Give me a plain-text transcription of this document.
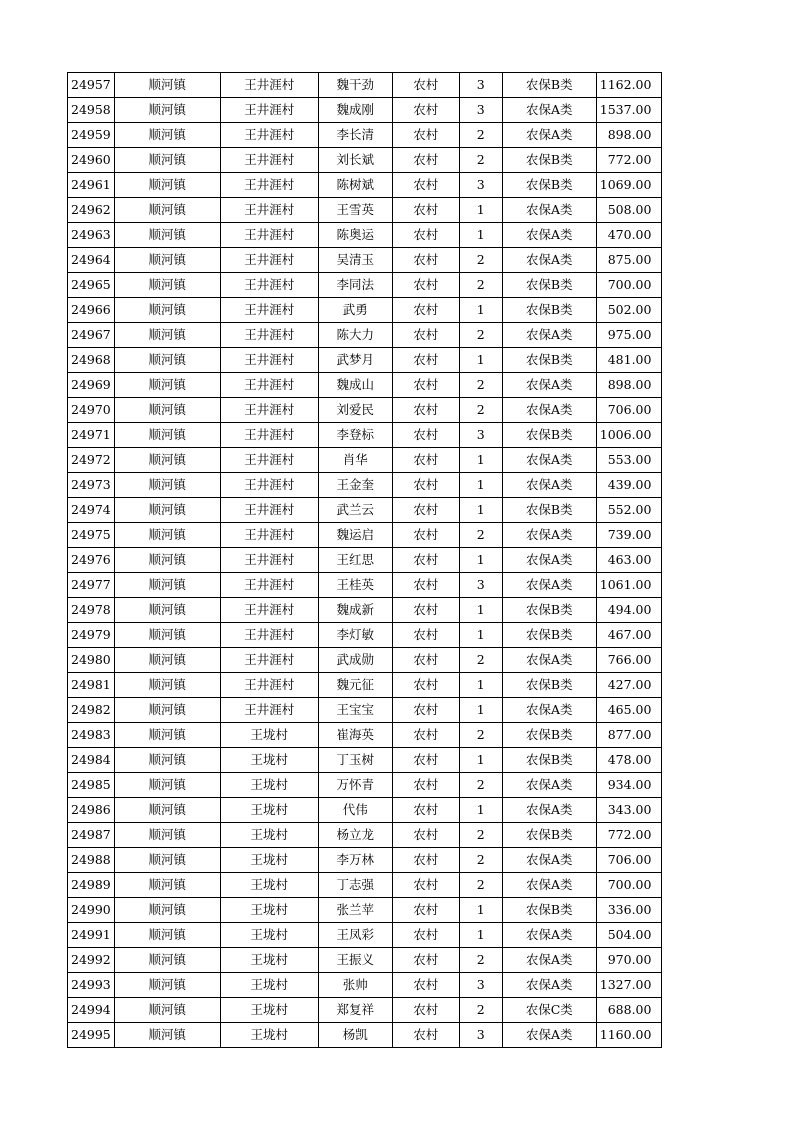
24957	顺河镇	王井涯村	魏干劲	农村	3	农保B类	1162.00
24958	顺河镇	王井涯村	魏成刚	农村	3	农保A类	1537.00
24959	顺河镇	王井涯村	李长清	农村	2	农保A类	898.00
24960	顺河镇	王井涯村	刘长斌	农村	2	农保B类	772.00
24961	顺河镇	王井涯村	陈树斌	农村	3	农保B类	1069.00
24962	顺河镇	王井涯村	王雪英	农村	1	农保A类	508.00
24963	顺河镇	王井涯村	陈奥运	农村	1	农保A类	470.00
24964	顺河镇	王井涯村	吴清玉	农村	2	农保A类	875.00
24965	顺河镇	王井涯村	李同法	农村	2	农保B类	700.00
24966	顺河镇	王井涯村	武勇	农村	1	农保B类	502.00
24967	顺河镇	王井涯村	陈大力	农村	2	农保A类	975.00
24968	顺河镇	王井涯村	武梦月	农村	1	农保B类	481.00
24969	顺河镇	王井涯村	魏成山	农村	2	农保A类	898.00
24970	顺河镇	王井涯村	刘爱民	农村	2	农保A类	706.00
24971	顺河镇	王井涯村	李登标	农村	3	农保B类	1006.00
24972	顺河镇	王井涯村	肖华	农村	1	农保A类	553.00
24973	顺河镇	王井涯村	王金奎	农村	1	农保A类	439.00
24974	顺河镇	王井涯村	武兰云	农村	1	农保B类	552.00
24975	顺河镇	王井涯村	魏运启	农村	2	农保A类	739.00
24976	顺河镇	王井涯村	王红思	农村	1	农保A类	463.00
24977	顺河镇	王井涯村	王桂英	农村	3	农保A类	1061.00
24978	顺河镇	王井涯村	魏成新	农村	1	农保B类	494.00
24979	顺河镇	王井涯村	李灯敏	农村	1	农保B类	467.00
24980	顺河镇	王井涯村	武成勋	农村	2	农保A类	766.00
24981	顺河镇	王井涯村	魏元征	农村	1	农保B类	427.00
24982	顺河镇	王井涯村	王宝宝	农村	1	农保A类	465.00
24983	顺河镇	王垅村	崔海英	农村	2	农保B类	877.00
24984	顺河镇	王垅村	丁玉树	农村	1	农保B类	478.00
24985	顺河镇	王垅村	万怀青	农村	2	农保A类	934.00
24986	顺河镇	王垅村	代伟	农村	1	农保A类	343.00
24987	顺河镇	王垅村	杨立龙	农村	2	农保B类	772.00
24988	顺河镇	王垅村	李万林	农村	2	农保A类	706.00
24989	顺河镇	王垅村	丁志强	农村	2	农保A类	700.00
24990	顺河镇	王垅村	张兰苹	农村	1	农保B类	336.00
24991	顺河镇	王垅村	王凤彩	农村	1	农保A类	504.00
24992	顺河镇	王垅村	王振义	农村	2	农保A类	970.00
24993	顺河镇	王垅村	张帅	农村	3	农保A类	1327.00
24994	顺河镇	王垅村	郑复祥	农村	2	农保C类	688.00
24995	顺河镇	王垅村	杨凯	农村	3	农保A类	1160.00
